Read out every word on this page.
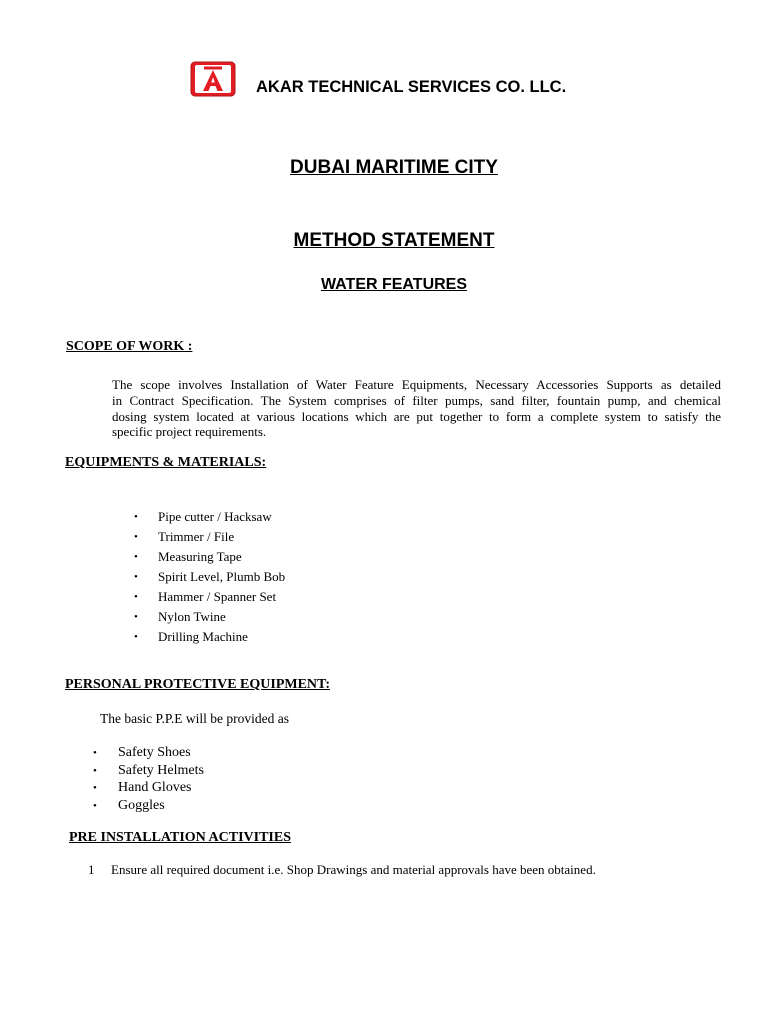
AKAR TECHNICAL SERVICES CO. LLC.
DUBAI MARITIME CITY
METHOD STATEMENT
WATER FEATURES
SCOPE OF WORK :
The scope involves Installation of Water Feature Equipments, Necessary Accessories Supports as detailed
in Contract Specification. The System comprises of filter pumps, sand filter, fountain pump, and chemical
dosing system located at various locations which are put together to form a complete system to satisfy the
specific project requirements.
EQUIPMENTS & MATERIALS:
• Pipe cutter / Hacksaw
• Trimmer / File
• Measuring Tape
• Spirit Level, Plumb Bob
• Hammer / Spanner Set
• Nylon Twine
• Drilling Machine
PERSONAL PROTECTIVE EQUIPMENT:
The basic P.P.E will be provided as
• Safety Shoes
• Safety Helmets
• Hand Gloves
• Goggles
PRE INSTALLATION ACTIVITIES
1 Ensure all required document i.e. Shop Drawings and material approvals have been obtained.
